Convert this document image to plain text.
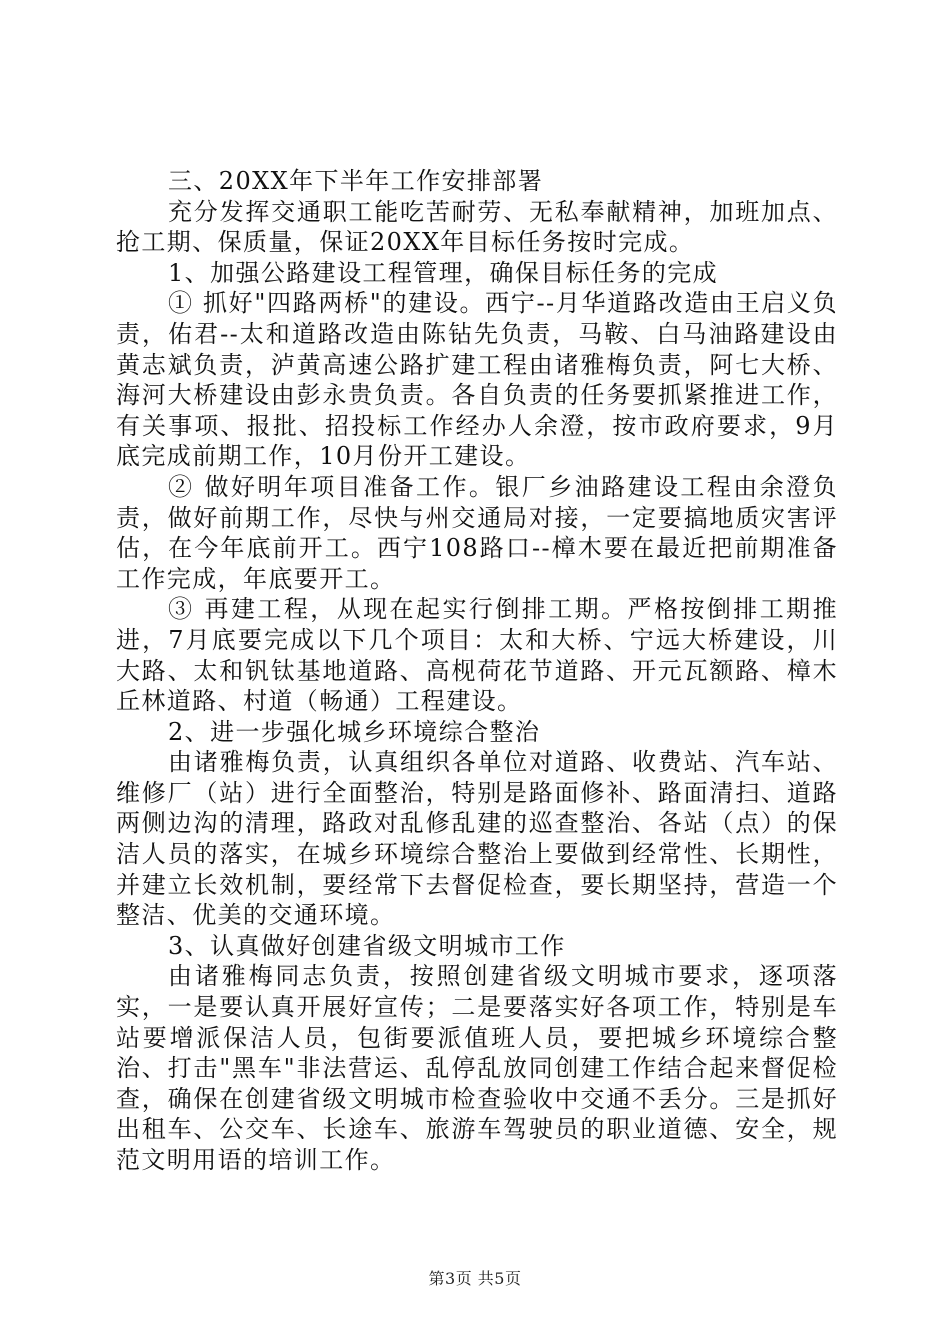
三、20XX年下半年工作安排部署

充分发挥交通职工能吃苦耐劳、无私奉献精神，加班加点、抢工期、保质量，保证20XX年目标任务按时完成。

1、加强公路建设工程管理，确保目标任务的完成

① 抓好"四路两桥"的建设。西宁--月华道路改造由王启义负责，佑君--太和道路改造由陈钻先负责，马鞍、白马油路建设由黄志斌负责，泸黄高速公路扩建工程由诸雅梅负责，阿七大桥、海河大桥建设由彭永贵负责。各自负责的任务要抓紧推进工作，有关事项、报批、招投标工作经办人余澄，按市政府要求，9月底完成前期工作，10月份开工建设。

② 做好明年项目准备工作。银厂乡油路建设工程由余澄负责，做好前期工作，尽快与州交通局对接，一定要搞地质灾害评估，在今年底前开工。西宁108路口--樟木要在最近把前期准备工作完成，年底要开工。

③ 再建工程，从现在起实行倒排工期。严格按倒排工期推进，7月底要完成以下几个项目：太和大桥、宁远大桥建设，川大路、太和钒钛基地道路、高枧荷花节道路、开元瓦额路、樟木丘林道路、村道（畅通）工程建设。

2、进一步强化城乡环境综合整治

由诸雅梅负责，认真组织各单位对道路、收费站、汽车站、维修厂（站）进行全面整治，特别是路面修补、路面清扫、道路两侧边沟的清理，路政对乱修乱建的巡查整治、各站（点）的保洁人员的落实，在城乡环境综合整治上要做到经常性、长期性，并建立长效机制，要经常下去督促检查，要长期坚持，营造一个整洁、优美的交通环境。

3、认真做好创建省级文明城市工作

由诸雅梅同志负责，按照创建省级文明城市要求，逐项落实，一是要认真开展好宣传；二是要落实好各项工作，特别是车站要增派保洁人员，包街要派值班人员，要把城乡环境综合整治、打击"黑车"非法营运、乱停乱放同创建工作结合起来督促检查，确保在创建省级文明城市检查验收中交通不丢分。三是抓好出租车、公交车、长途车、旅游车驾驶员的职业道德、安全，规范文明用语的培训工作。

第3页 共5页
